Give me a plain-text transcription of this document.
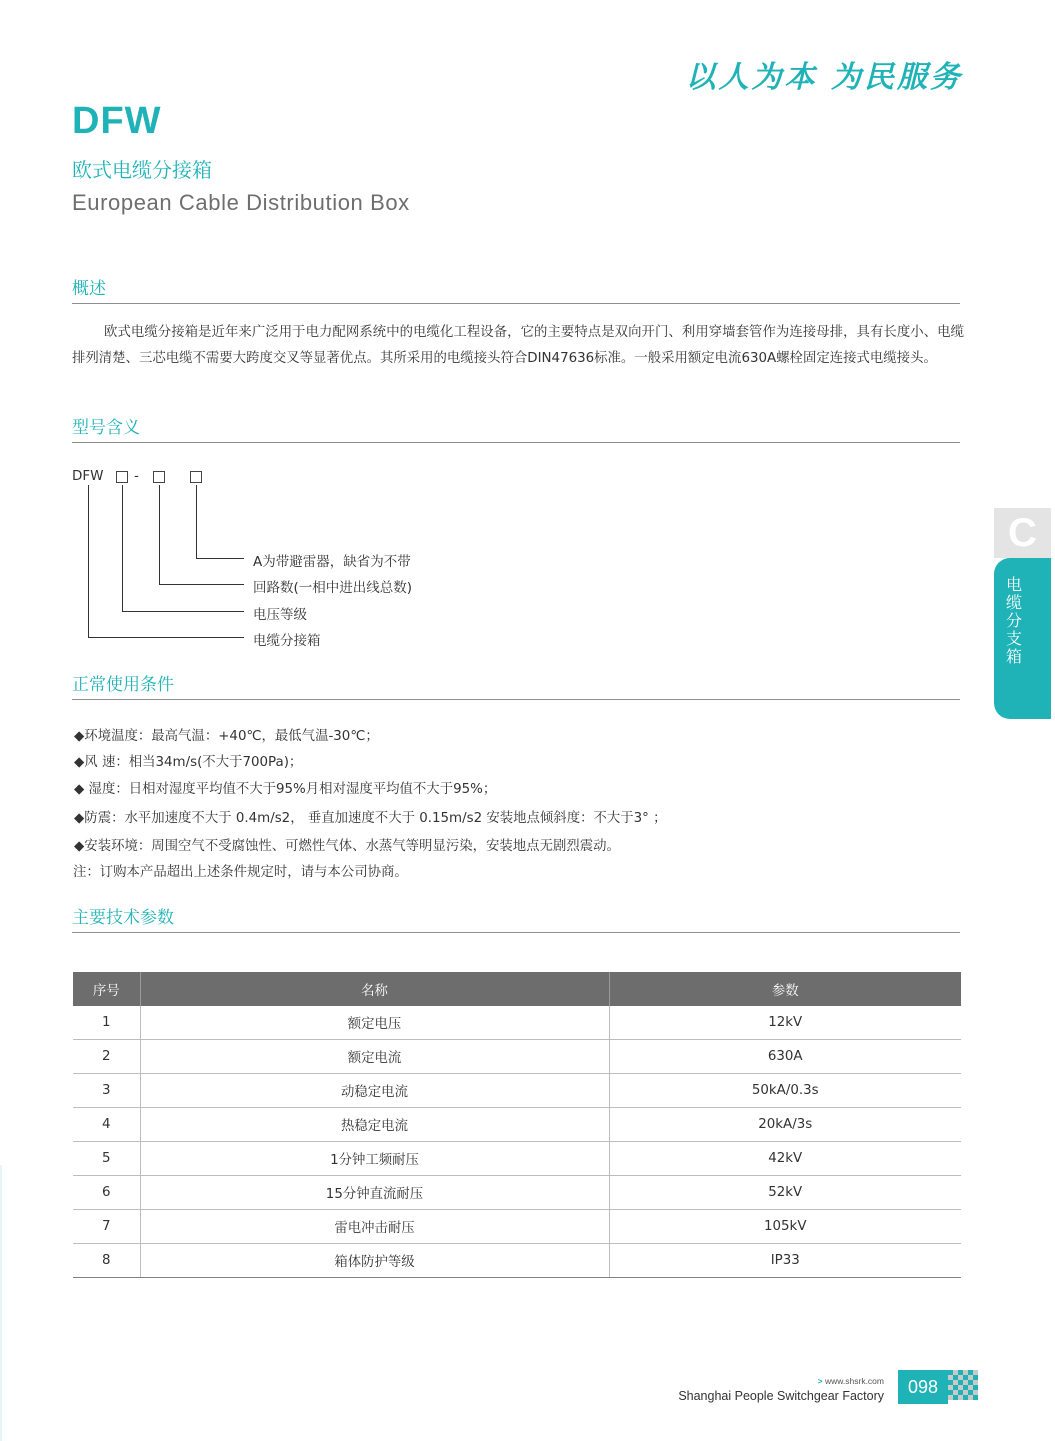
以人为本 为民服务
DFW
欧式电缆分接箱
European Cable Distribution Box
概述
欧式电缆分接箱是近年来广泛用于电力配网系统中的电缆化工程设备，它的主要特点是双向开门、利用穿墙套管作为连接母排，具有长度小、电缆排列清楚、三芯电缆不需要大跨度交叉等显著优点。其所采用的电缆接头符合DIN47636标准。一般采用额定电流630A螺栓固定连接式电缆接头。
型号含义
DFW -
A为带避雷器，缺省为不带
回路数(一相中进出线总数)
电压等级
电缆分接箱
正常使用条件
◆环境温度：最高气温：+40℃，最低气温-30℃；
◆风 速：相当34m/s(不大于700Pa)；
◆ 湿度：日相对湿度平均值不大于95%月相对湿度平均值不大于95%；
◆防震：水平加速度不大于 0.4m/s2， 垂直加速度不大于 0.15m/s2 安装地点倾斜度：不大于3° ；
◆安装环境：周围空气不受腐蚀性、可燃性气体、水蒸气等明显污染，安装地点无剧烈震动。
注：订购本产品超出上述条件规定时，请与本公司协商。
主要技术参数
序号	名称	参数
1	额定电压	12kV
2	额定电流	630A
3	动稳定电流	50kA/0.3s
4	热稳定电流	20kA/3s
5	1分钟工频耐压	42kV
6	15分钟直流耐压	52kV
7	雷电冲击耐压	105kV
8	箱体防护等级	IP33
C
电缆分支箱
> www.shsrk.com
Shanghai People Switchgear Factory	098
